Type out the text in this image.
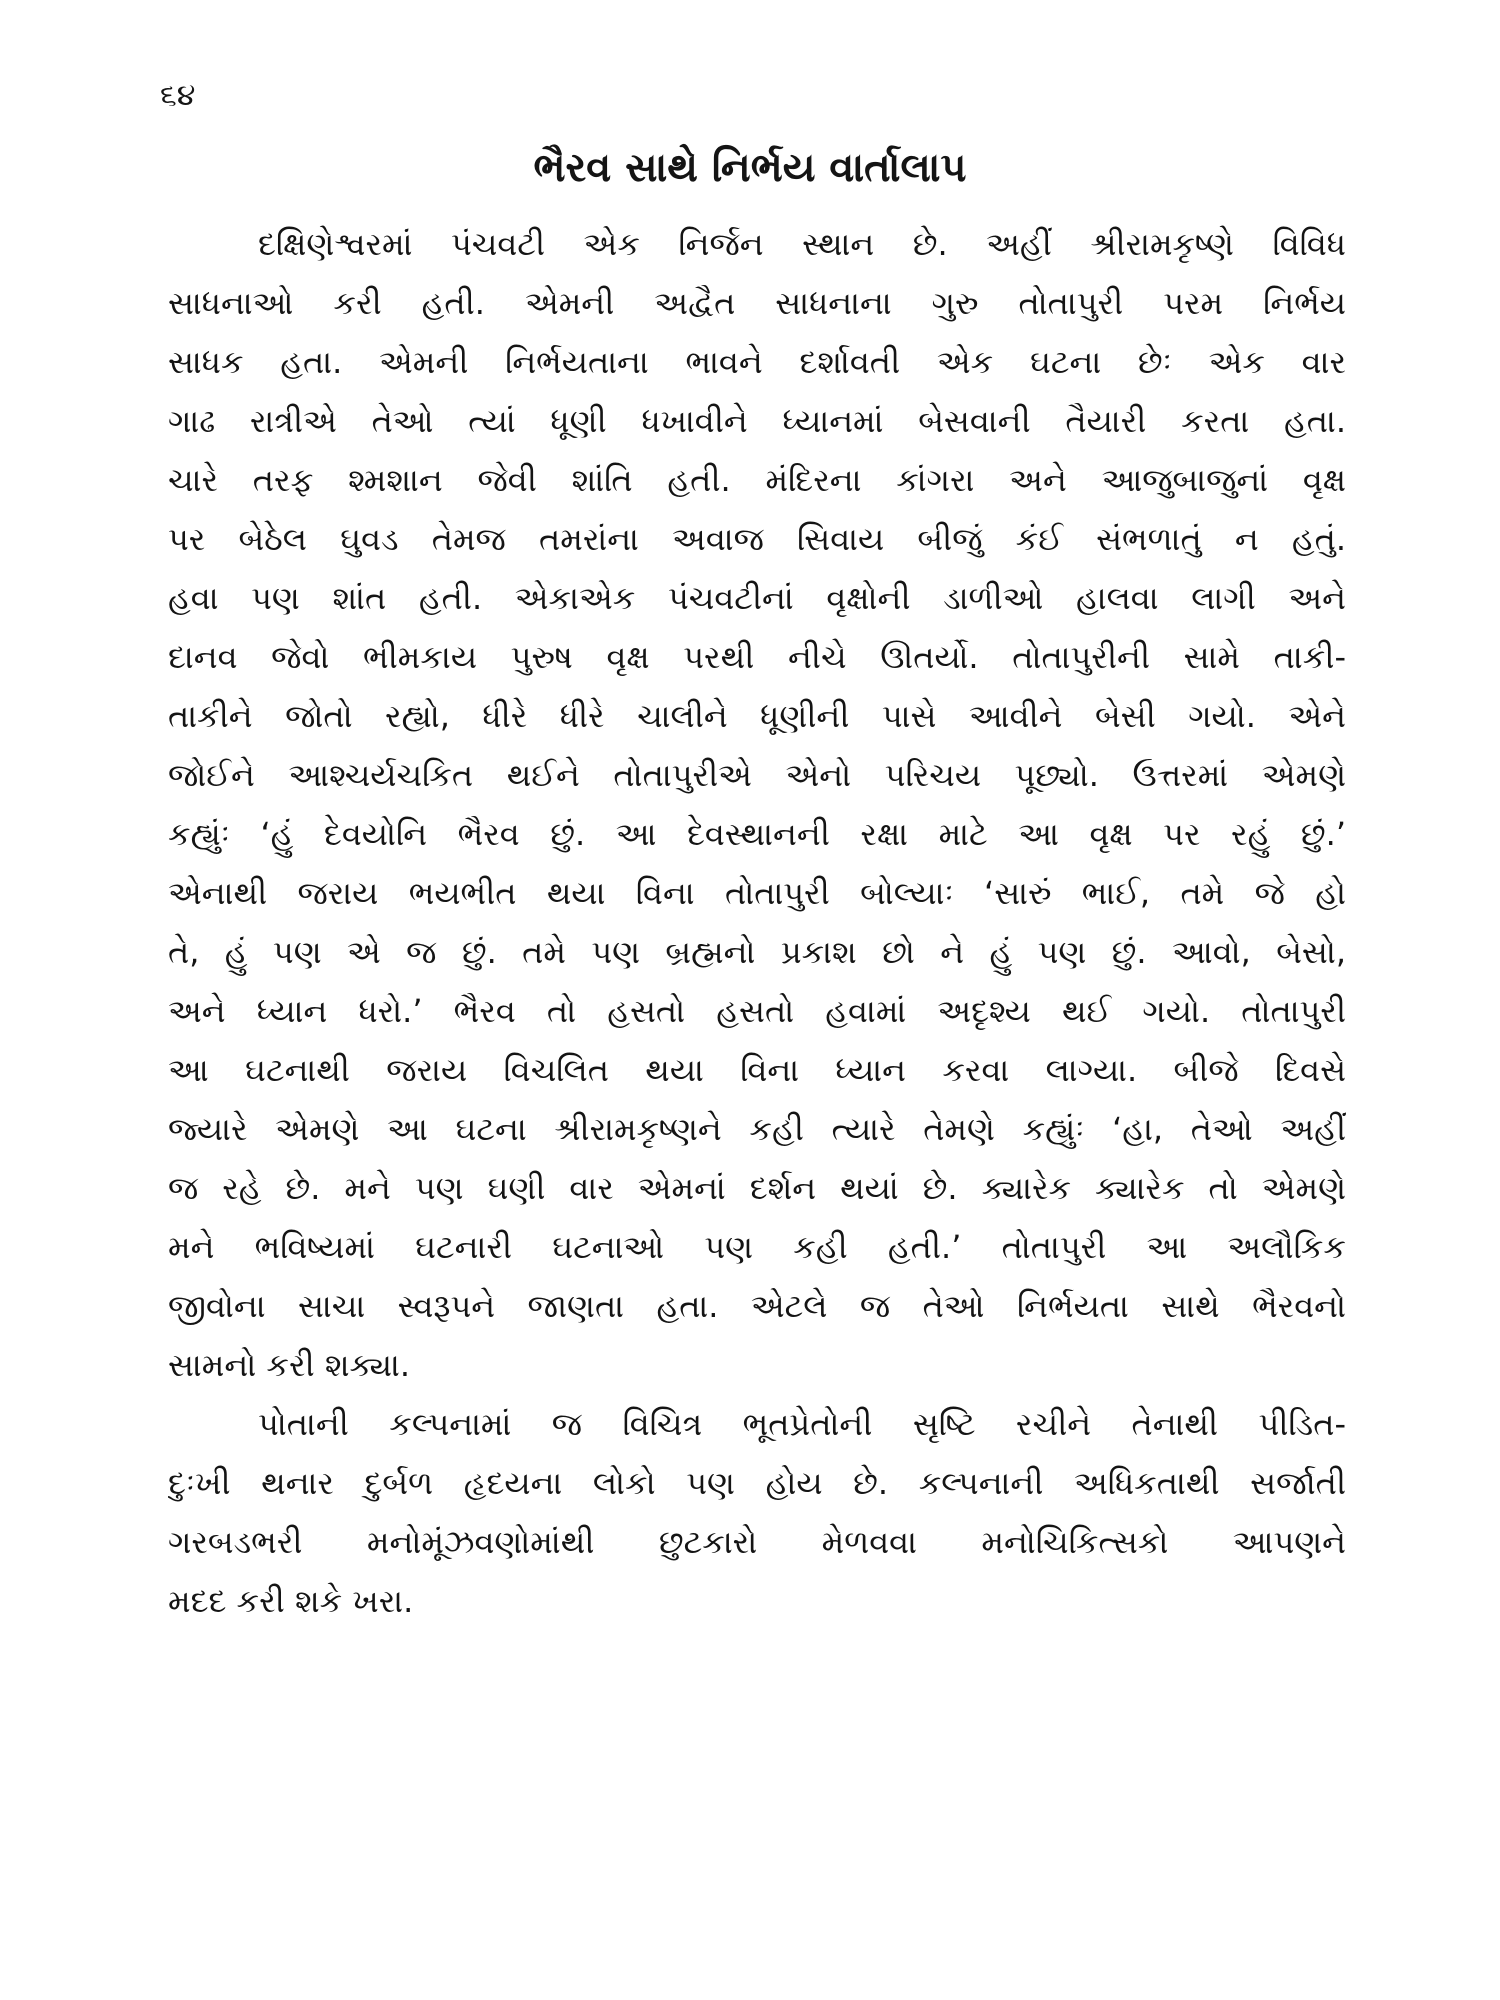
૬૪
ભૈરવ સાથે નિર્ભય વાર્તાલાપ
દક્ષિણેશ્વરમાં પંચવટી એક નિર્જન સ્થાન છે. અહીં શ્રીરામકૃષ્ણે વિવિધ
સાધનાઓ કરી હતી. એમની અદ્વૈત સાધનાના ગુરુ તોતાપુરી પરમ નિર્ભય
સાધક હતા. એમની નિર્ભયતાના ભાવને દર્શાવતી એક ઘટના છેઃ એક વાર
ગાઢ રાત્રીએ તેઓ ત્યાં ધૂણી ધખાવીને ધ્યાનમાં બેસવાની તૈયારી કરતા હતા.
ચારે તરફ શ્મશાન જેવી શાંતિ હતી. મંદિરના કાંગરા અને આજુબાજુનાં વૃક્ષ
પર બેઠેલ ઘુવડ તેમજ તમરાંના અવાજ સિવાય બીજું કંઈ સંભળાતું ન હતું.
હવા પણ શાંત હતી. એકાએક પંચવટીનાં વૃક્ષોની ડાળીઓ હાલવા લાગી અને
દાનવ જેવો ભીમકાય પુરુષ વૃક્ષ પરથી નીચે ઊતર્યો. તોતાપુરીની સામે તાકી-
તાકીને જોતો રહ્યો, ધીરે ધીરે ચાલીને ધૂણીની પાસે આવીને બેસી ગયો. એને
જોઈને આશ્ચર્યચકિત થઈને તોતાપુરીએ એનો પરિચય પૂછ્યો. ઉત્તરમાં એમણે
કહ્યુંઃ ‘હું દેવયોનિ ભૈરવ છું. આ દેવસ્થાનની રક્ષા માટે આ વૃક્ષ પર રહું છું.’
એનાથી જરાય ભયભીત થયા વિના તોતાપુરી બોલ્યાઃ ‘સારું ભાઈ, તમે જે હો
તે, હું પણ એ જ છું. તમે પણ બ્રહ્મનો પ્રકાશ છો ને હું પણ છું. આવો, બેસો,
અને ધ્યાન ધરો.’ ભૈરવ તો હસતો હસતો હવામાં અદૃશ્ય થઈ ગયો. તોતાપુરી
આ ઘટનાથી જરાય વિચલિત થયા વિના ધ્યાન કરવા લાગ્યા. બીજે દિવસે
જ્યારે એમણે આ ઘટના શ્રીરામકૃષ્ણને કહી ત્યારે તેમણે કહ્યુંઃ ‘હા, તેઓ અહીં
જ રહે છે. મને પણ ઘણી વાર એમનાં દર્શન થયાં છે. ક્યારેક ક્યારેક તો એમણે
મને ભવિષ્યમાં ઘટનારી ઘટનાઓ પણ કહી હતી.’ તોતાપુરી આ અલૌકિક
જીવોના સાચા સ્વરૂપને જાણતા હતા. એટલે જ તેઓ નિર્ભયતા સાથે ભૈરવનો
સામનો કરી શક્યા.
પોતાની કલ્પનામાં જ વિચિત્ર ભૂતપ્રેતોની સૃષ્ટિ રચીને તેનાથી પીડિત-
દુઃખી થનાર દુર્બળ હૃદયના લોકો પણ હોય છે. કલ્પનાની અધિકતાથી સર્જાતી
ગરબડભરી મનોમૂંઝવણોમાંથી છુટકારો મેળવવા મનોચિકિત્સકો આપણને
મદદ કરી શકે ખરા.
